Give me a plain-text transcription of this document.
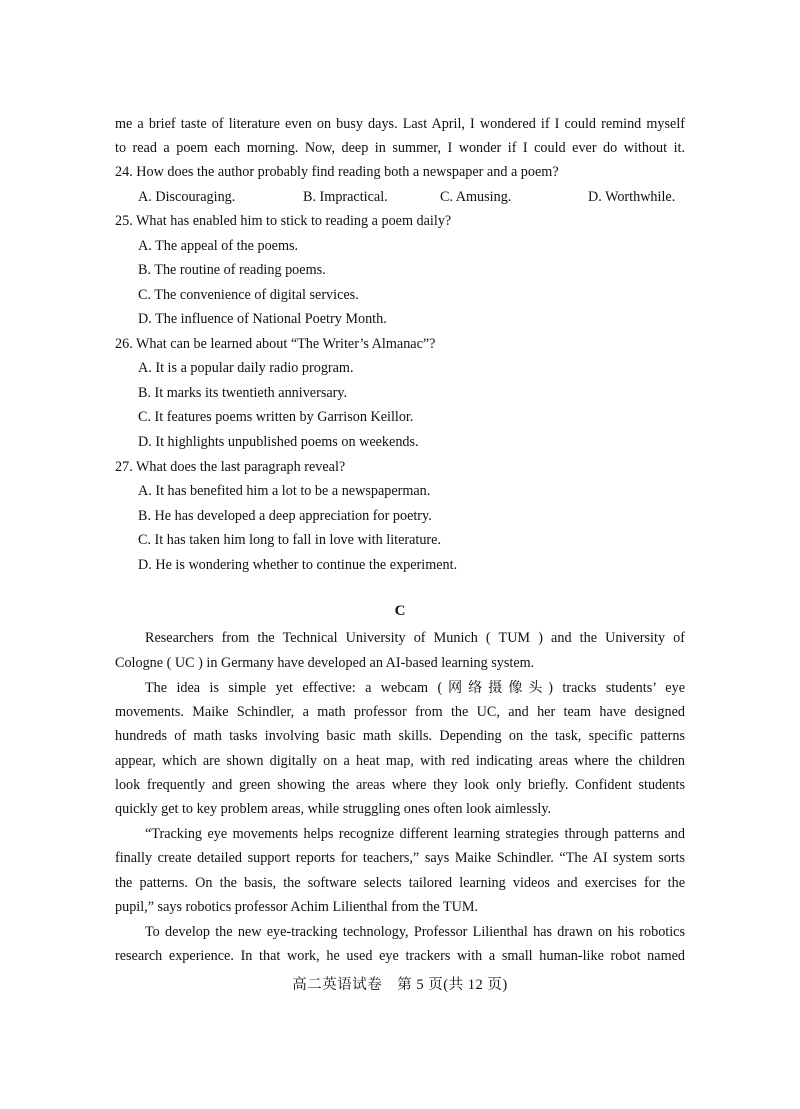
me a brief taste of literature even on busy days. Last April, I wondered if I could remind myself
to read a poem each morning. Now, deep in summer, I wonder if I could ever do without it.
24. How does the author probably find reading both a newspaper and a poem?
A. Discouraging.	B. Impractical.	C. Amusing.	D. Worthwhile.
25. What has enabled him to stick to reading a poem daily?
A. The appeal of the poems.
B. The routine of reading poems.
C. The convenience of digital services.
D. The influence of National Poetry Month.
26. What can be learned about “The Writer’s Almanac”?
A. It is a popular daily radio program.
B. It marks its twentieth anniversary.
C. It features poems written by Garrison Keillor.
D. It highlights unpublished poems on weekends.
27. What does the last paragraph reveal?
A. It has benefited him a lot to be a newspaperman.
B. He has developed a deep appreciation for poetry.
C. It has taken him long to fall in love with literature.
D. He is wondering whether to continue the experiment.
C
Researchers from the Technical University of Munich ( TUM ) and the University of
Cologne ( UC ) in Germany have developed an AI-based learning system.
The idea is simple yet effective: a webcam (网络摄像头) tracks students’ eye
movements. Maike Schindler, a math professor from the UC, and her team have designed
hundreds of math tasks involving basic math skills. Depending on the task, specific patterns
appear, which are shown digitally on a heat map, with red indicating areas where the children
look frequently and green showing the areas where they look only briefly. Confident students
quickly get to key problem areas, while struggling ones often look aimlessly.
“Tracking eye movements helps recognize different learning strategies through patterns and
finally create detailed support reports for teachers,” says Maike Schindler. “The AI system sorts
the patterns. On the basis, the software selects tailored learning videos and exercises for the
pupil,” says robotics professor Achim Lilienthal from the TUM.
To develop the new eye-tracking technology, Professor Lilienthal has drawn on his robotics
research experience. In that work, he used eye trackers with a small human-like robot named
高二英语试卷　第 5 页(共 12 页)
